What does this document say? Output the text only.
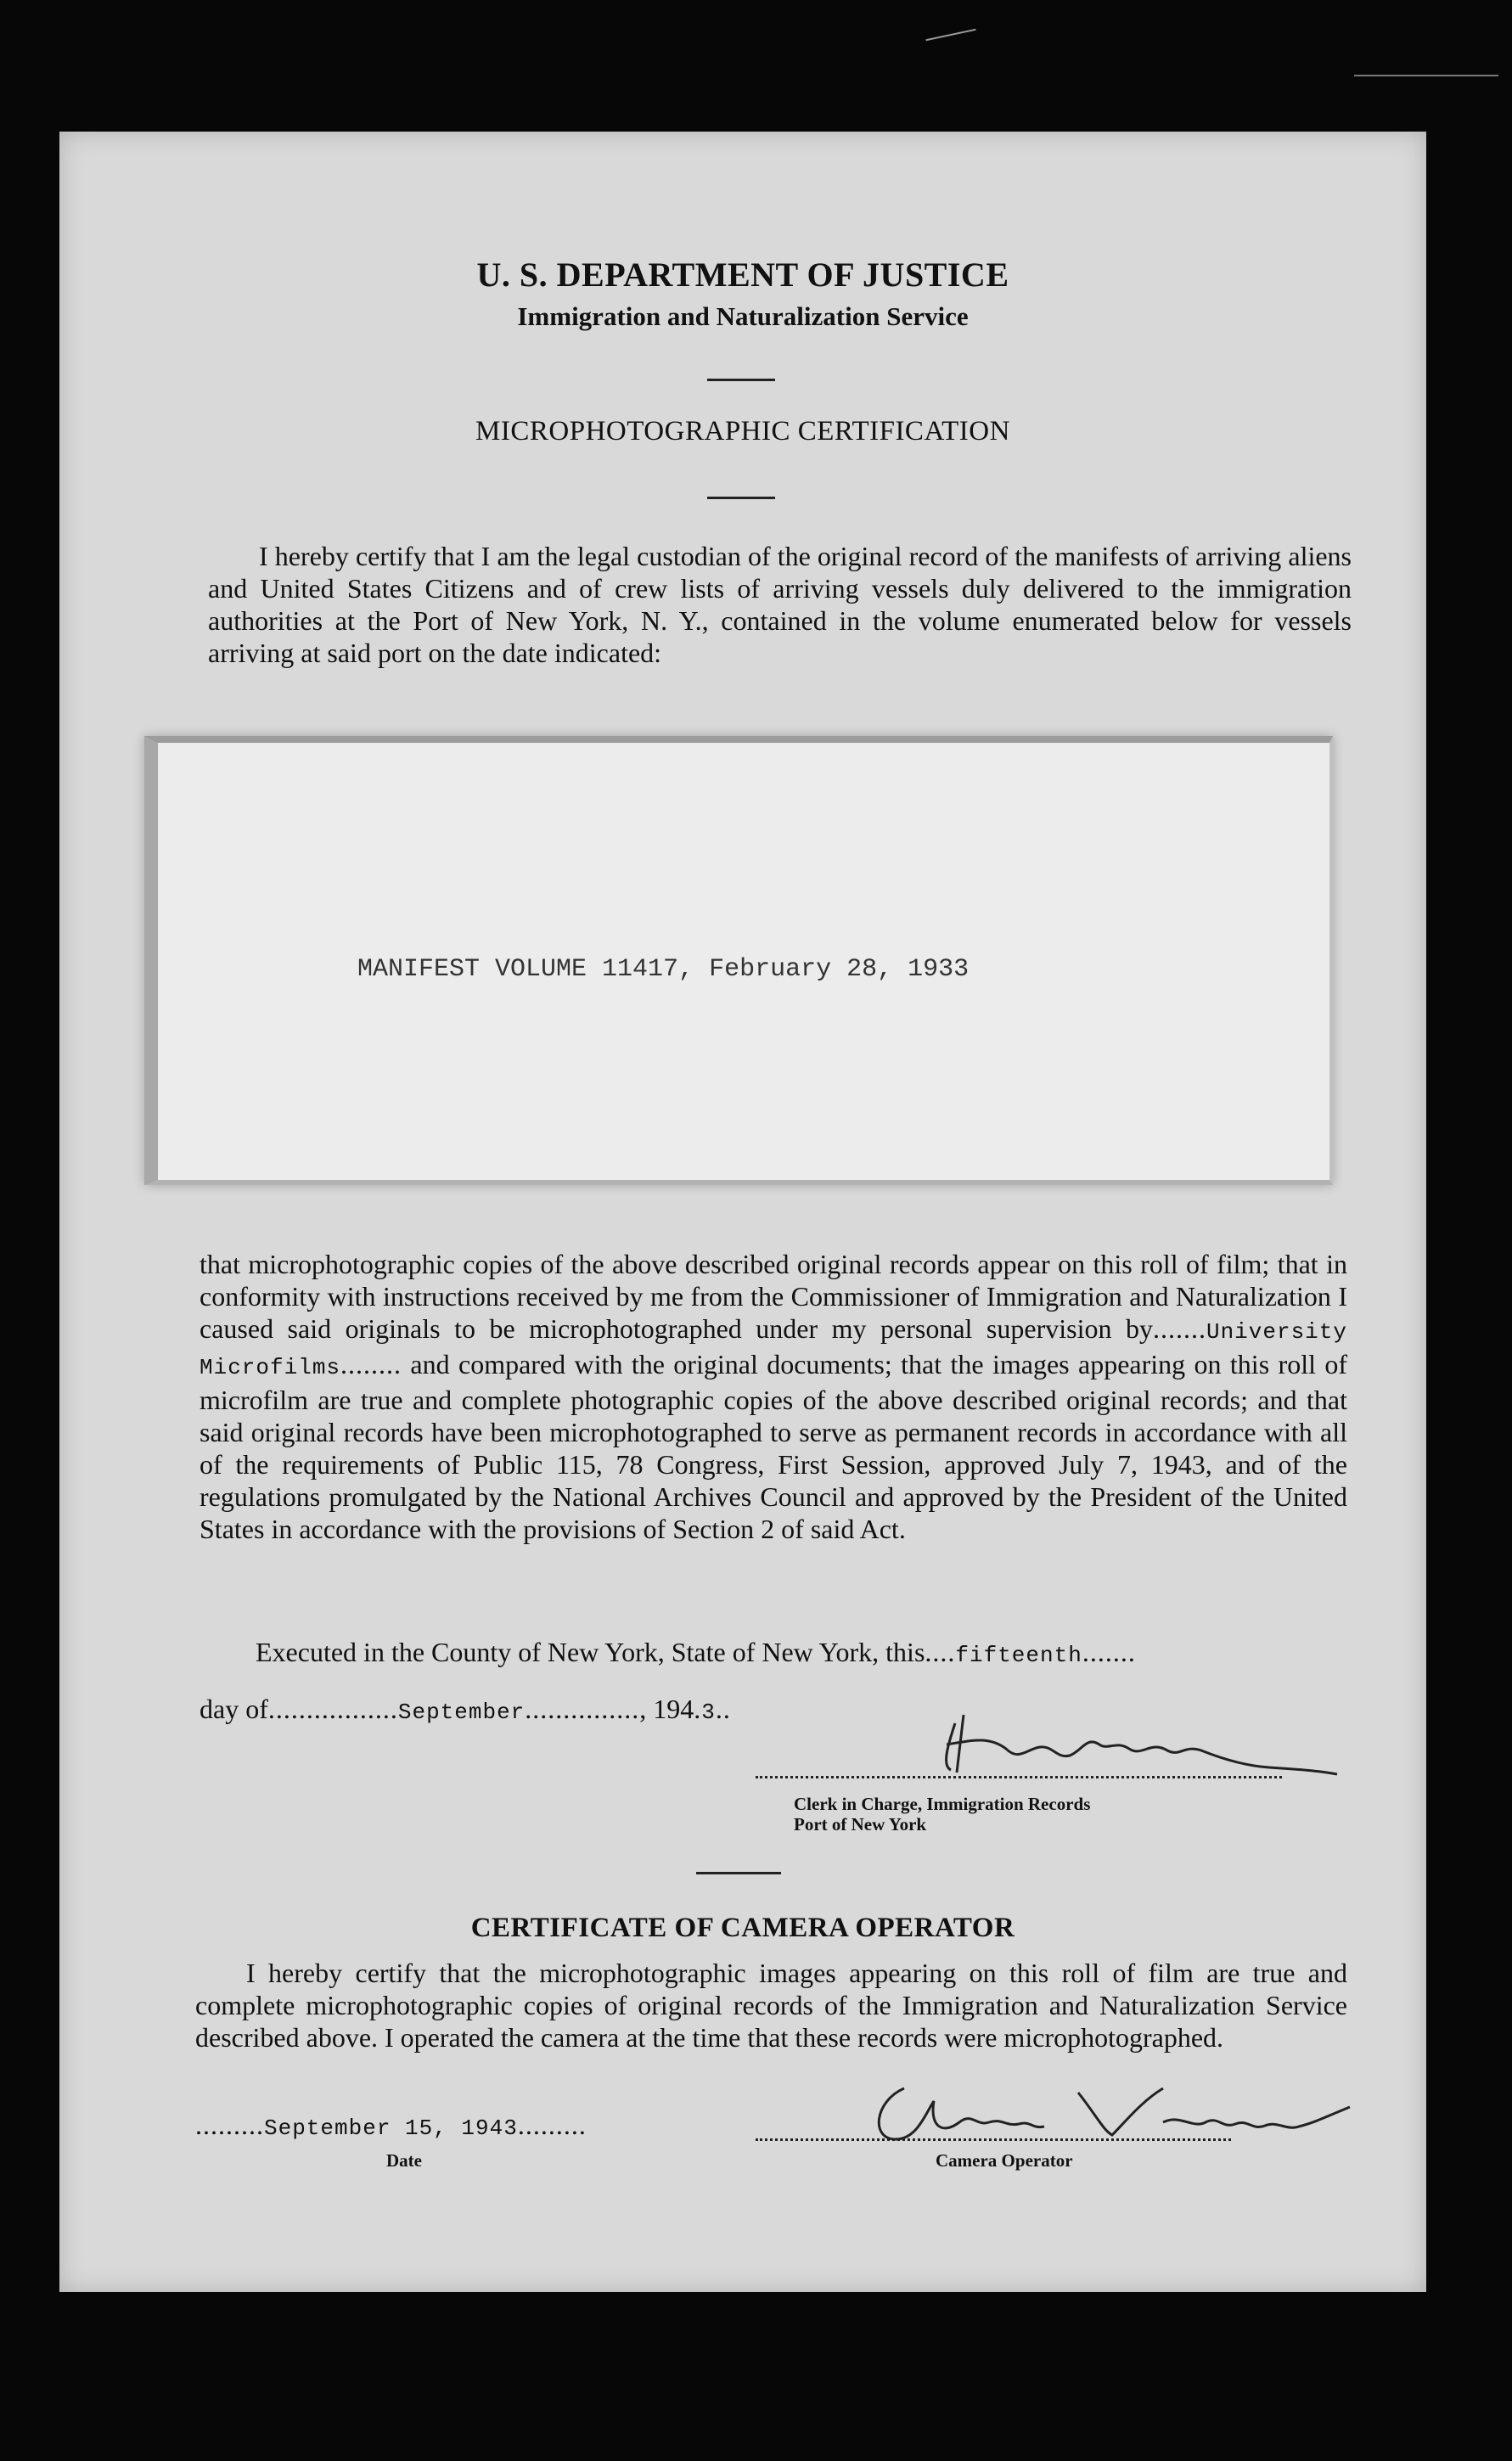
U. S. DEPARTMENT OF JUSTICE
Immigration and Naturalization Service
MICROPHOTOGRAPHIC CERTIFICATION

I hereby certify that I am the legal custodian of the original record of the manifests of arriving aliens and United States Citizens and of crew lists of arriving vessels duly delivered to the immigration authorities at the Port of New York, N. Y., contained in the volume enumerated below for vessels arriving at said port on the date indicated:

MANIFEST VOLUME 11417, February 28, 1933

that microphotographic copies of the above described original records appear on this roll of film; that in conformity with instructions received by me from the Commissioner of Immigration and Naturalization I caused said originals to be microphotographed under my personal supervision by.......University Microfilms........ and compared with the original documents; that the images appearing on this roll of microfilm are true and complete photographic copies of the above described original records; and that said original records have been microphotographed to serve as permanent records in accordance with all of the requirements of Public 115, 78 Congress, First Session, approved July 7, 1943, and of the regulations promulgated by the National Archives Council and approved by the President of the United States in accordance with the provisions of Section 2 of said Act.

Executed in the County of New York, State of New York, this....fifteenth.......
day of.................September..............., 194.3..
Clerk in Charge, Immigration Records
Port of New York
CERTIFICATE OF CAMERA OPERATOR

I hereby certify that the microphotographic images appearing on this roll of film are true and complete microphotographic copies of original records of the Immigration and Naturalization Service described above. I operated the camera at the time that these records were microphotographed.

.........September 15, 1943.........
Date	Camera Operator
